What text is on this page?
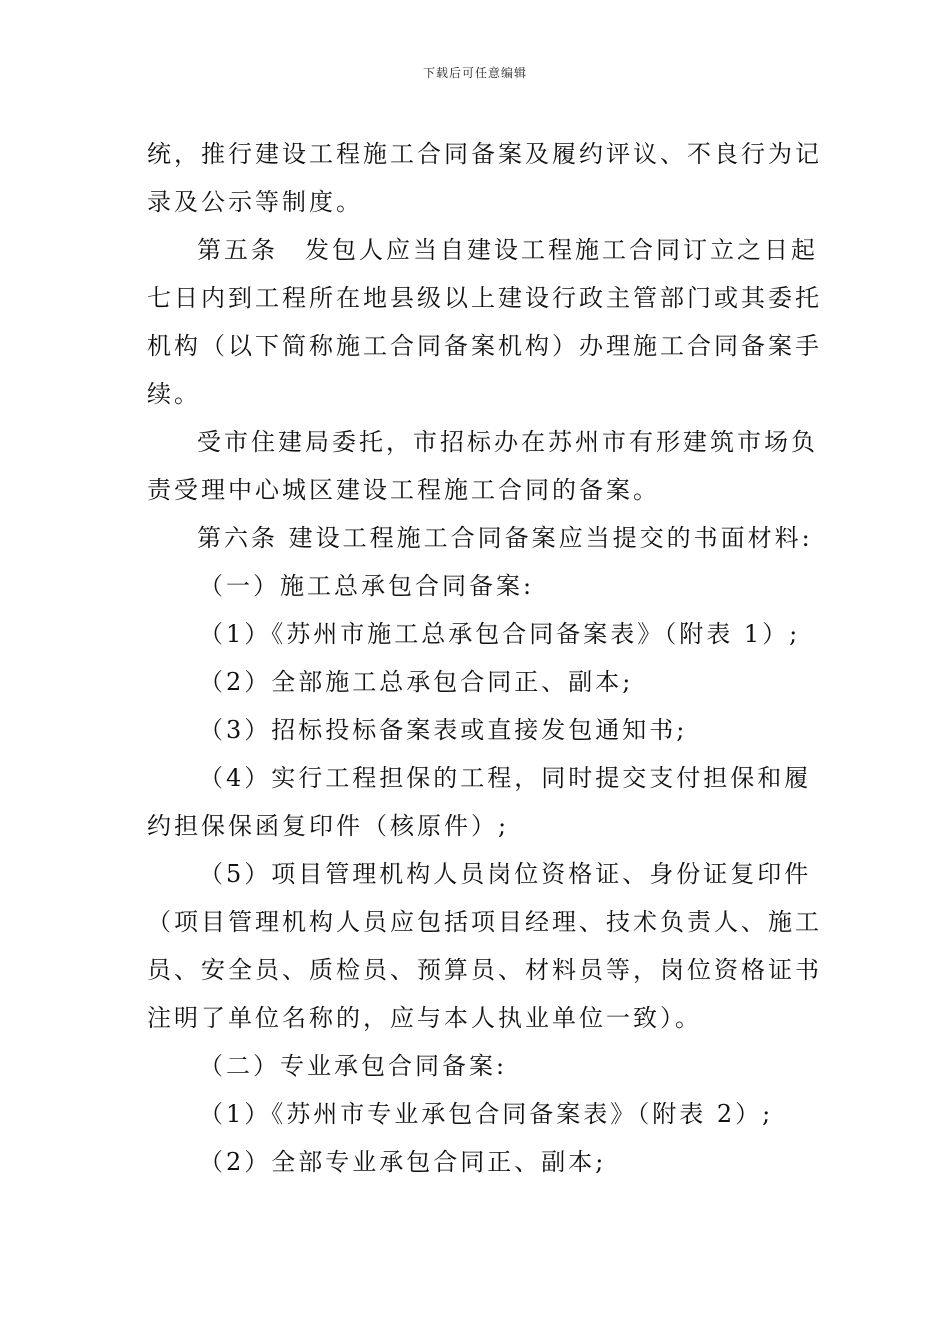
下载后可任意编辑
统，推行建设工程施工合同备案及履约评议、不良行为记
录及公示等制度。
第五条　发包人应当自建设工程施工合同订立之日起
七日内到工程所在地县级以上建设行政主管部门或其委托
机构（以下简称施工合同备案机构）办理施工合同备案手
续。
受市住建局委托，市招标办在苏州市有形建筑市场负
责受理中心城区建设工程施工合同的备案。
第六条 建设工程施工合同备案应当提交的书面材料:
（一）施工总承包合同备案:
（1）《苏州市施工总承包合同备案表》（附表 1）;
（2）全部施工总承包合同正、副本;
（3）招标投标备案表或直接发包通知书;
（4）实行工程担保的工程，同时提交支付担保和履
约担保保函复印件（核原件）;
（5）项目管理机构人员岗位资格证、身份证复印件
（项目管理机构人员应包括项目经理、技术负责人、施工
员、安全员、质检员、预算员、材料员等，岗位资格证书
注明了单位名称的，应与本人执业单位一致）。
（二）专业承包合同备案:
（1）《苏州市专业承包合同备案表》（附表 2）;
（2）全部专业承包合同正、副本;
